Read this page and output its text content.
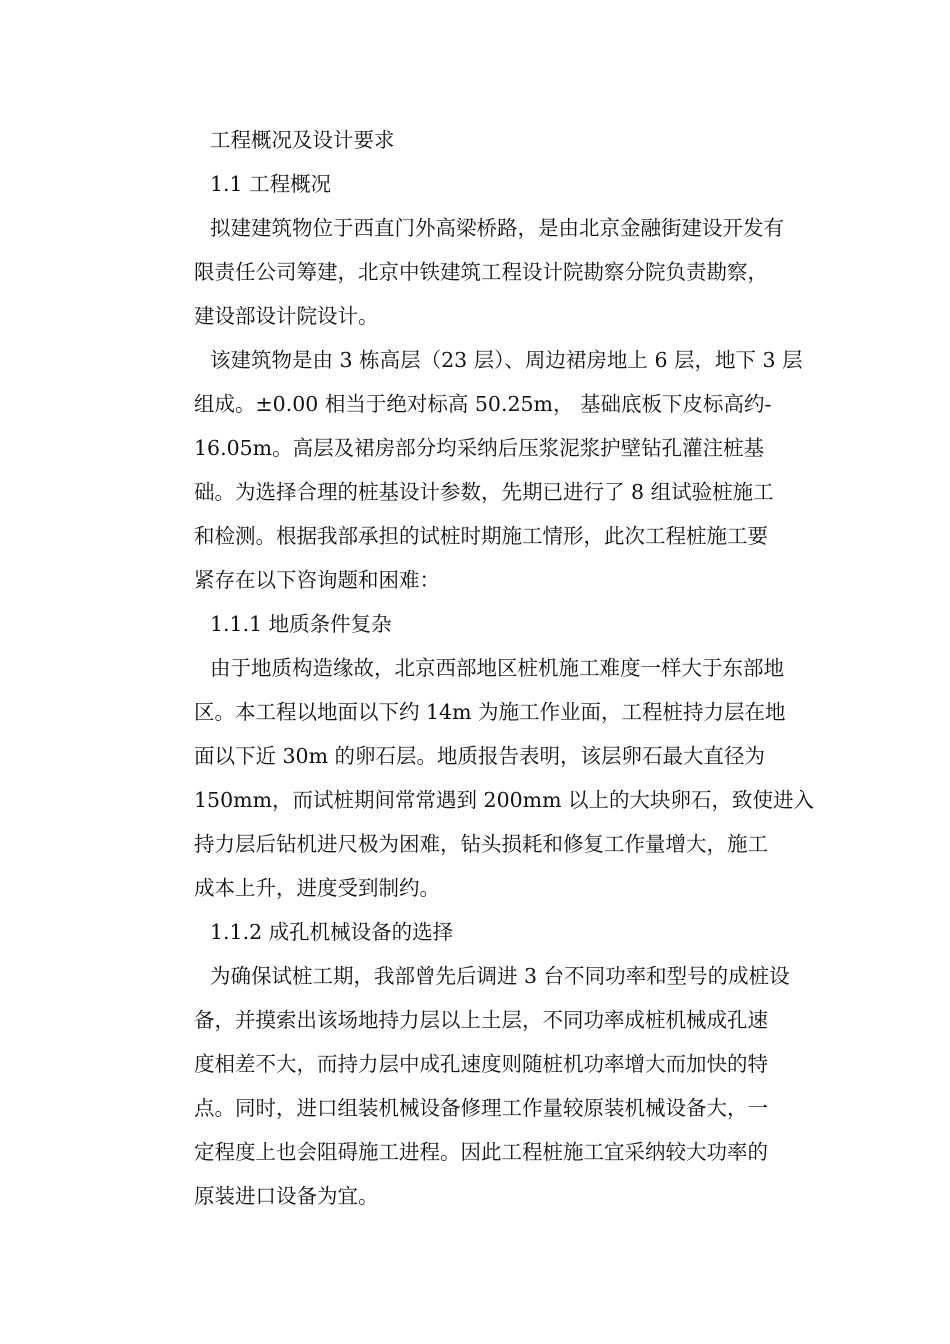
工程概况及设计要求
1.1 工程概况
拟建建筑物位于西直门外高梁桥路，是由北京金融街建设开发有
限责任公司筹建，北京中铁建筑工程设计院勘察分院负责勘察，
建设部设计院设计。
该建筑物是由 3 栋高层（23 层）、周边裙房地上 6 层，地下 3 层
组成。±0.00 相当于绝对标高 50.25m， 基础底板下皮标高约-
16.05m。高层及裙房部分均采纳后压浆泥浆护壁钻孔灌注桩基
础。为选择合理的桩基设计参数，先期已进行了 8 组试验桩施工
和检测。根据我部承担的试桩时期施工情形，此次工程桩施工要
紧存在以下咨询题和困难：
1.1.1 地质条件复杂
由于地质构造缘故，北京西部地区桩机施工难度一样大于东部地
区。本工程以地面以下约 14m 为施工作业面，工程桩持力层在地
面以下近 30m 的卵石层。地质报告表明，该层卵石最大直径为
150mm，而试桩期间常常遇到 200mm 以上的大块卵石，致使进入
持力层后钻机进尺极为困难，钻头损耗和修复工作量增大，施工
成本上升，进度受到制约。
1.1.2 成孔机械设备的选择
为确保试桩工期，我部曾先后调进 3 台不同功率和型号的成桩设
备，并摸索出该场地持力层以上土层，不同功率成桩机械成孔速
度相差不大，而持力层中成孔速度则随桩机功率增大而加快的特
点。同时，进口组装机械设备修理工作量较原装机械设备大，一
定程度上也会阻碍施工进程。因此工程桩施工宜采纳较大功率的
原装进口设备为宜。
